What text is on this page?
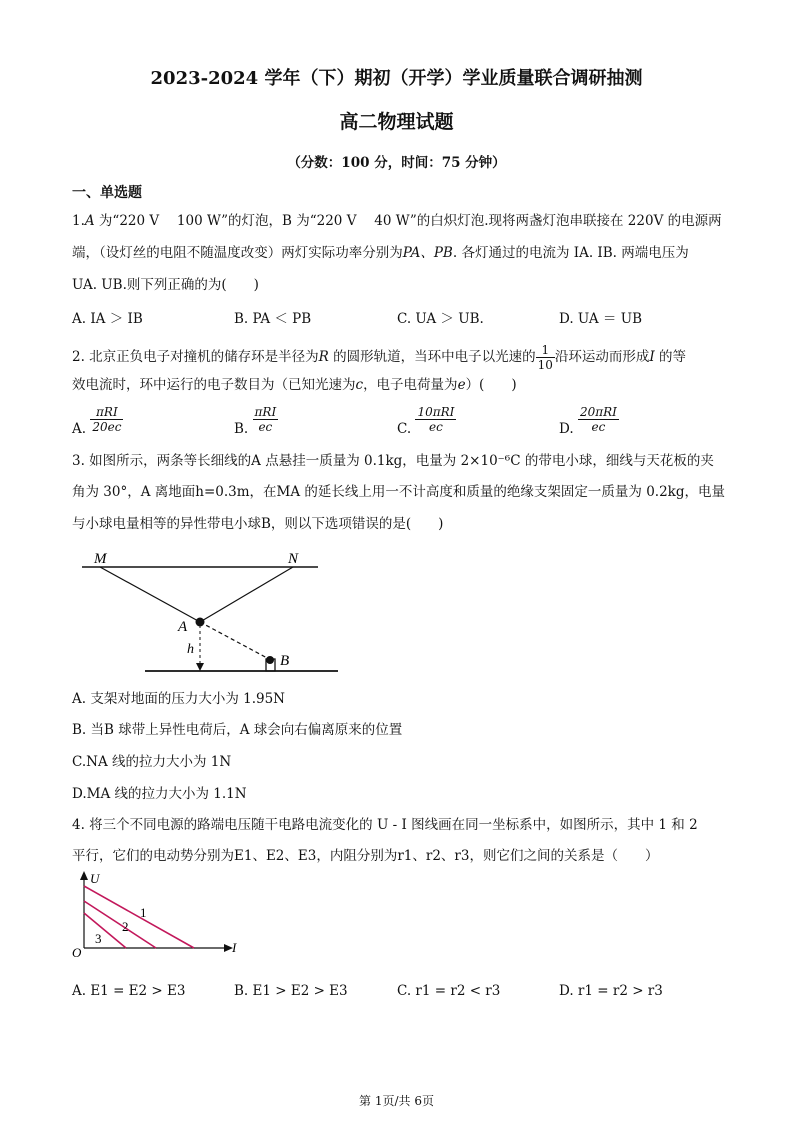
2023-2024 学年（下）期初（开学）学业质量联合调研抽测
高二物理试题
（分数：100 分，时间：75 分钟）
一、单选题
1.A 为“220 V　 100 W”的灯泡，B 为“220 V　 40 W”的白炽灯泡.现将两盏灯泡串联接在 220V 的电源两
端，（设灯丝的电阻不随温度改变）两灯实际功率分别为PA、PB. 各灯通过的电流为 IA. IB. 两端电压为
UA. UB.则下列正确的为(　　)
A. IA ＞ IB	B. PA ＜ PB	C. UA ＞ UB.	D. UA ＝ UB
2. 北京正负电子对撞机的储存环是半径为R 的圆形轨道，当环中电子以光速的 $\frac{1}{10}$ 沿环运动而形成I 的等
效电流时，环中运行的电子数目为（已知光速为c，电子电荷量为e）(　　)
A. $\frac{\text{πRI}}{20ec}$	B. $\frac{\text{πRI}}{ec}$	C. $\frac{\text{10πRI}}{ec}$	D. $\frac{\text{20πRI}}{ec}$
3. 如图所示，两条等长细线的A 点悬挂一质量为 0.1kg，电量为 2×10⁻⁶C 的带电小球，细线与天花板的夹
角为 30°，A 离地面h=0.3m，在MA 的延长线上用一不计高度和质量的绝缘支架固定一质量为 0.2kg，电量
与小球电量相等的异性带电小球B，则以下选项错误的是(　　)
M	N
A
B
h
A. 支架对地面的压力大小为 1.95N
B. 当B 球带上异性电荷后，A 球会向右偏离原来的位置
C.NA 线的拉力大小为 1N
D.MA 线的拉力大小为 1.1N
4. 将三个不同电源的路端电压随干电路电流变化的 U - I 图线画在同一坐标系中，如图所示，其中 1 和 2
平行，它们的电动势分别为E1、E2、E3，内阻分别为r1、r2、r3，则它们之间的关系是（　　）
U
I
O
1
2
3
A. E1 = E2 > E3	B. E1 > E2 > E3	C. r1 = r2 < r3	D. r1 = r2 > r3
第 1页/共 6页
